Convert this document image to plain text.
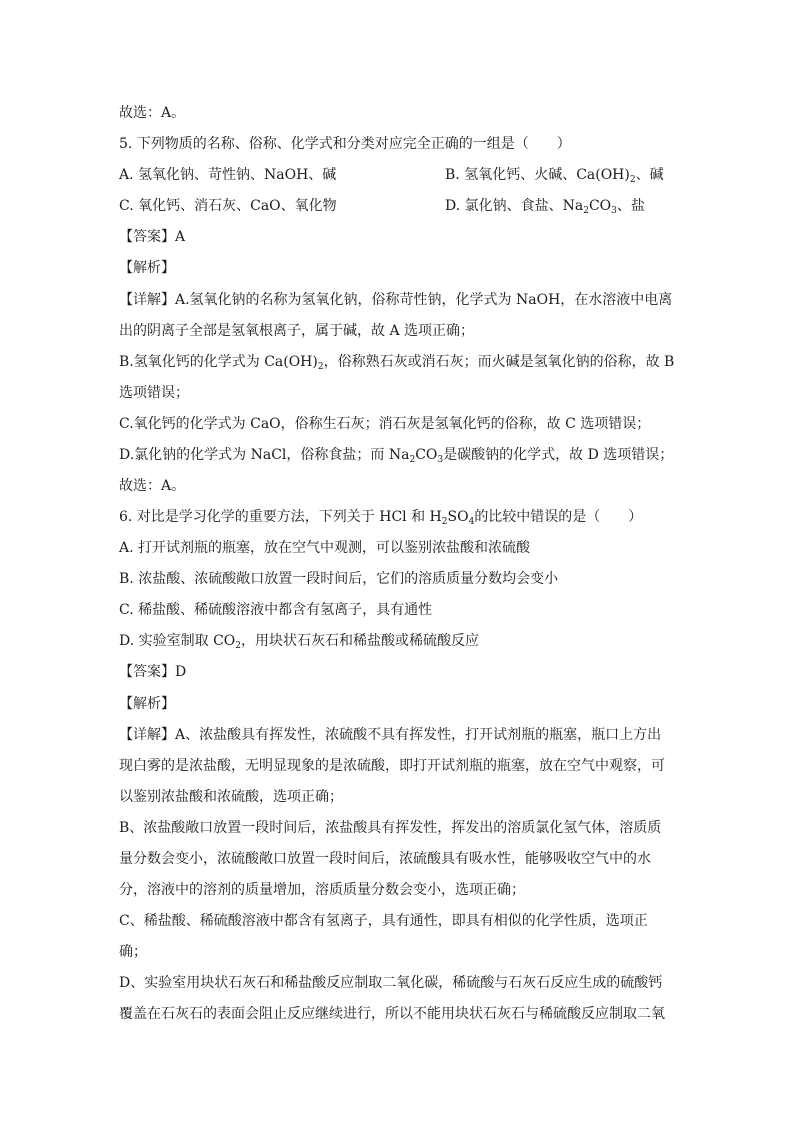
故选：A。
5. 下列物质的名称、俗称、化学式和分类对应完全正确的一组是（　　）
A. 氢氧化钠、苛性钠、NaOH、碱	B. 氢氧化钙、火碱、$Ca(OH)_2$、碱
C. 氧化钙、消石灰、CaO、氧化物	D. 氯化钠、食盐、$Na_2CO_3$、盐
【答案】A
【解析】
【详解】A.氢氧化钠的名称为氢氧化钠，俗称苛性钠，化学式为 NaOH，在水溶液中电离
出的阴离子全部是氢氧根离子，属于碱，故 A 选项正确；
B.氢氧化钙的化学式为 $Ca(OH)_2$，俗称熟石灰或消石灰；而火碱是氢氧化钠的俗称，故 B
选项错误；
C.氧化钙的化学式为 CaO，俗称生石灰；消石灰是氢氧化钙的俗称，故 C 选项错误；
D.氯化钠的化学式为 NaCl，俗称食盐；而 $Na_2CO_3$是碳酸钠的化学式，故 D 选项错误；
故选：A。
6. 对比是学习化学的重要方法，下列关于 HCl 和 $H_2SO_4$的比较中错误的是（　　）
A. 打开试剂瓶的瓶塞，放在空气中观测，可以鉴别浓盐酸和浓硫酸
B. 浓盐酸、浓硫酸敞口放置一段时间后，它们的溶质质量分数均会变小
C. 稀盐酸、稀硫酸溶液中都含有氢离子，具有通性
D. 实验室制取 $CO_2$，用块状石灰石和稀盐酸或稀硫酸反应
【答案】D
【解析】
【详解】A、浓盐酸具有挥发性，浓硫酸不具有挥发性，打开试剂瓶的瓶塞，瓶口上方出
现白雾的是浓盐酸，无明显现象的是浓硫酸，即打开试剂瓶的瓶塞，放在空气中观察，可
以鉴别浓盐酸和浓硫酸，选项正确；
B、浓盐酸敞口放置一段时间后，浓盐酸具有挥发性，挥发出的溶质氯化氢气体，溶质质
量分数会变小，浓硫酸敞口放置一段时间后，浓硫酸具有吸水性，能够吸收空气中的水
分，溶液中的溶剂的质量增加，溶质质量分数会变小，选项正确；
C、稀盐酸、稀硫酸溶液中都含有氢离子，具有通性，即具有相似的化学性质，选项正
确；
D、实验室用块状石灰石和稀盐酸反应制取二氧化碳，稀硫酸与石灰石反应生成的硫酸钙
覆盖在石灰石的表面会阻止反应继续进行，所以不能用块状石灰石与稀硫酸反应制取二氧
